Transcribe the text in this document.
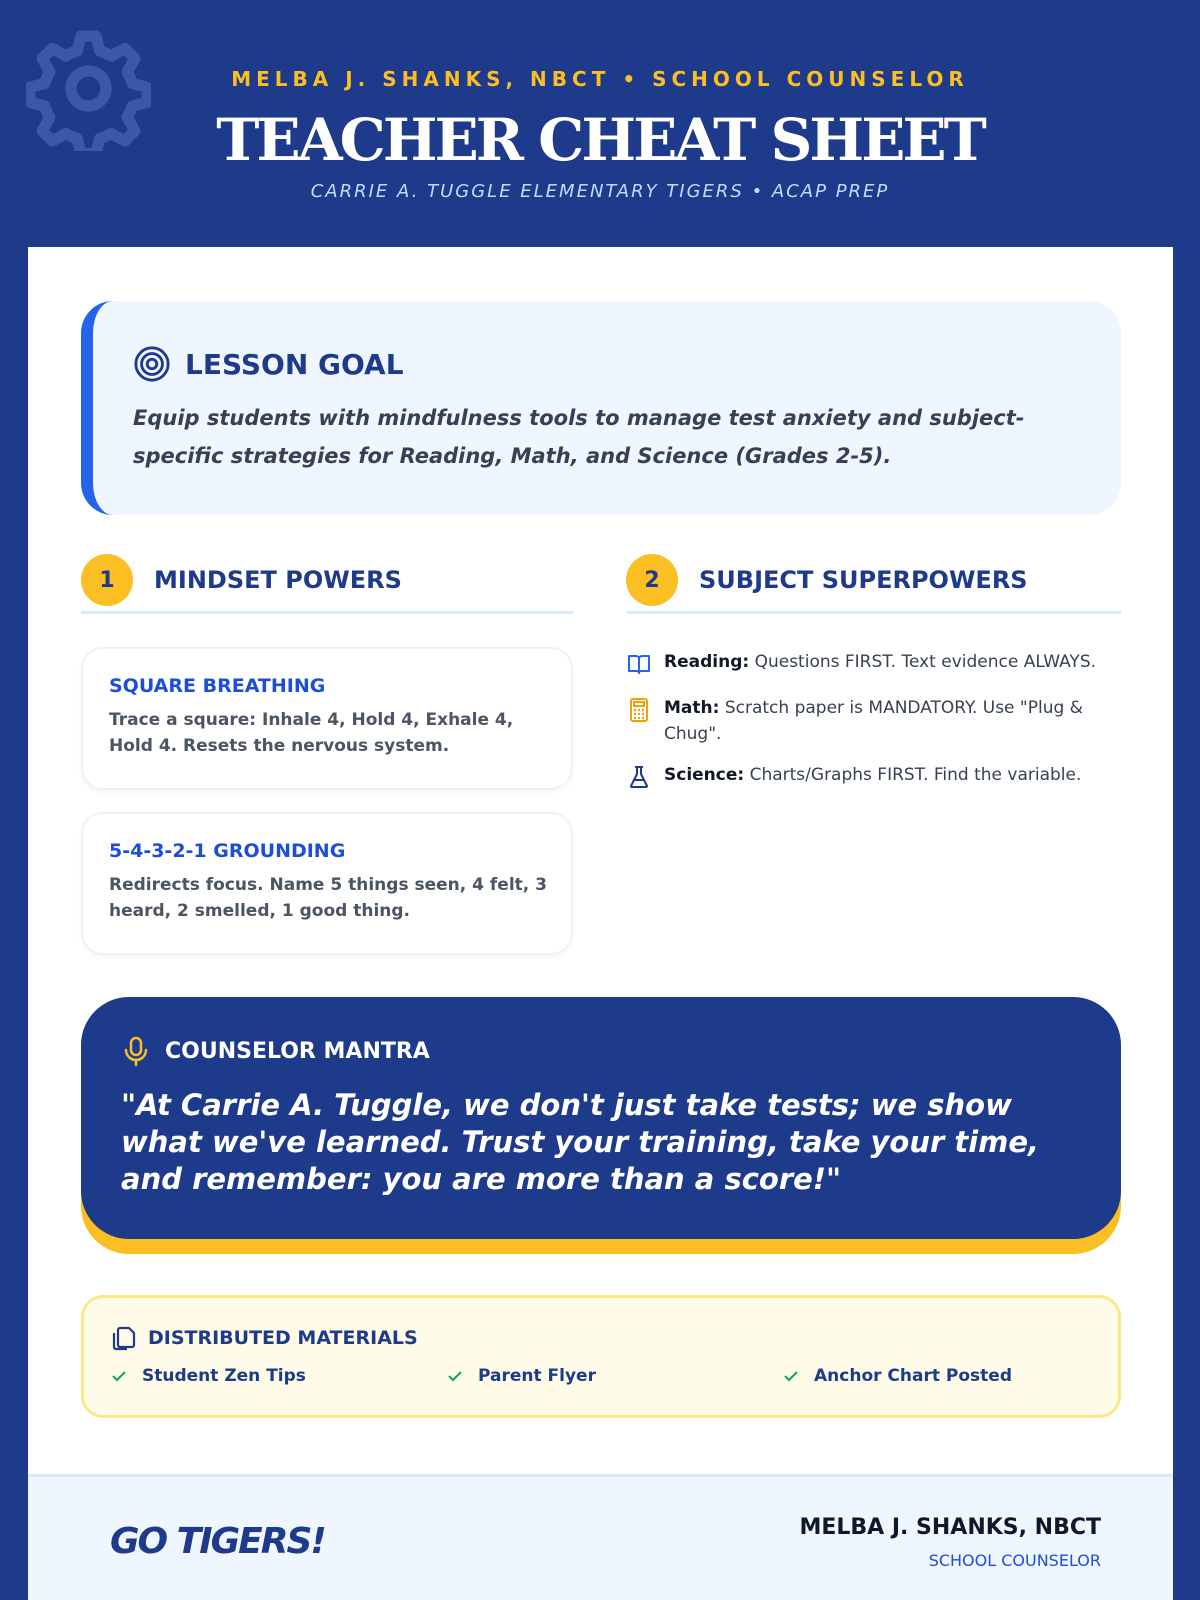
MELBA J. SHANKS, NBCT • SCHOOL COUNSELOR
TEACHER CHEAT SHEET
CARRIE A. TUGGLE ELEMENTARY TIGERS • ACAP PREP
LESSON GOAL
Equip students with mindfulness tools to manage test anxiety and subject-specific strategies for Reading, Math, and Science (Grades 2-5).
1	MINDSET POWERS
SQUARE BREATHING
Trace a square: Inhale 4, Hold 4, Exhale 4, Hold 4. Resets the nervous system.
5-4-3-2-1 GROUNDING
Redirects focus. Name 5 things seen, 4 felt, 3 heard, 2 smelled, 1 good thing.
2	SUBJECT SUPERPOWERS
Reading: Questions FIRST. Text evidence ALWAYS.
Math: Scratch paper is MANDATORY. Use "Plug & Chug".
Science: Charts/Graphs FIRST. Find the variable.
COUNSELOR MANTRA
"At Carrie A. Tuggle, we don't just take tests; we show what we've learned. Trust your training, take your time, and remember: you are more than a score!"
DISTRIBUTED MATERIALS
Student Zen Tips	Parent Flyer	Anchor Chart Posted
GO TIGERS!	MELBA J. SHANKS, NBCT
SCHOOL COUNSELOR
